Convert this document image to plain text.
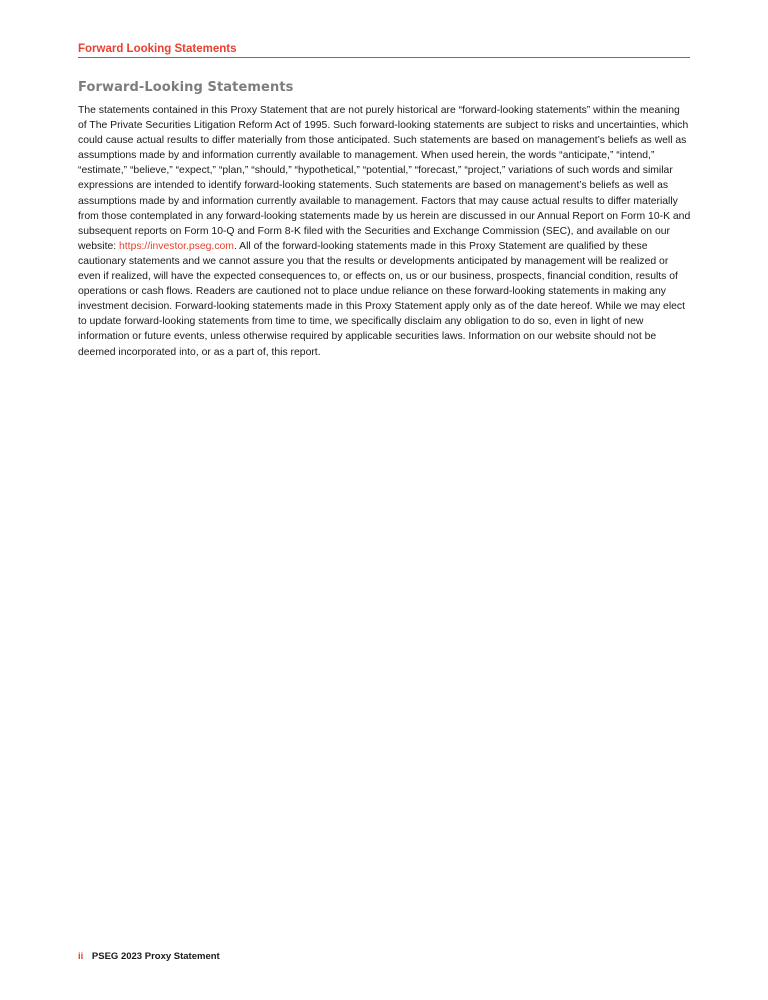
Forward Looking Statements
Forward-Looking Statements

The statements contained in this Proxy Statement that are not purely historical are “forward-looking statements” within the meaning of The Private Securities Litigation Reform Act of 1995. Such forward-looking statements are subject to risks and uncertainties, which could cause actual results to differ materially from those anticipated. Such statements are based on management’s beliefs as well as assumptions made by and information currently available to management. When used herein, the words “anticipate,” “intend,” “estimate,” “believe,” “expect,” “plan,” “should,” “hypothetical,” “potential,” “forecast,” “project,” variations of such words and similar expressions are intended to identify forward-looking statements. Such statements are based on management’s beliefs as well as assumptions made by and information currently available to management. Factors that may cause actual results to differ materially from those contemplated in any forward-looking statements made by us herein are discussed in our Annual Report on Form 10-K and subsequent reports on Form 10-Q and Form 8-K filed with the Securities and Exchange Commission (SEC), and available on our website: https://investor.pseg.com. All of the forward-looking statements made in this Proxy Statement are qualified by these cautionary statements and we cannot assure you that the results or developments anticipated by management will be realized or even if realized, will have the expected consequences to, or effects on, us or our business, prospects, financial condition, results of operations or cash flows. Readers are cautioned not to place undue reliance on these forward-looking statements in making any investment decision. Forward-looking statements made in this Proxy Statement apply only as of the date hereof. While we may elect to update forward-looking statements from time to time, we specifically disclaim any obligation to do so, even in light of new information or future events, unless otherwise required by applicable securities laws. Information on our website should not be deemed incorporated into, or as a part of, this report.

ii PSEG 2023 Proxy Statement
